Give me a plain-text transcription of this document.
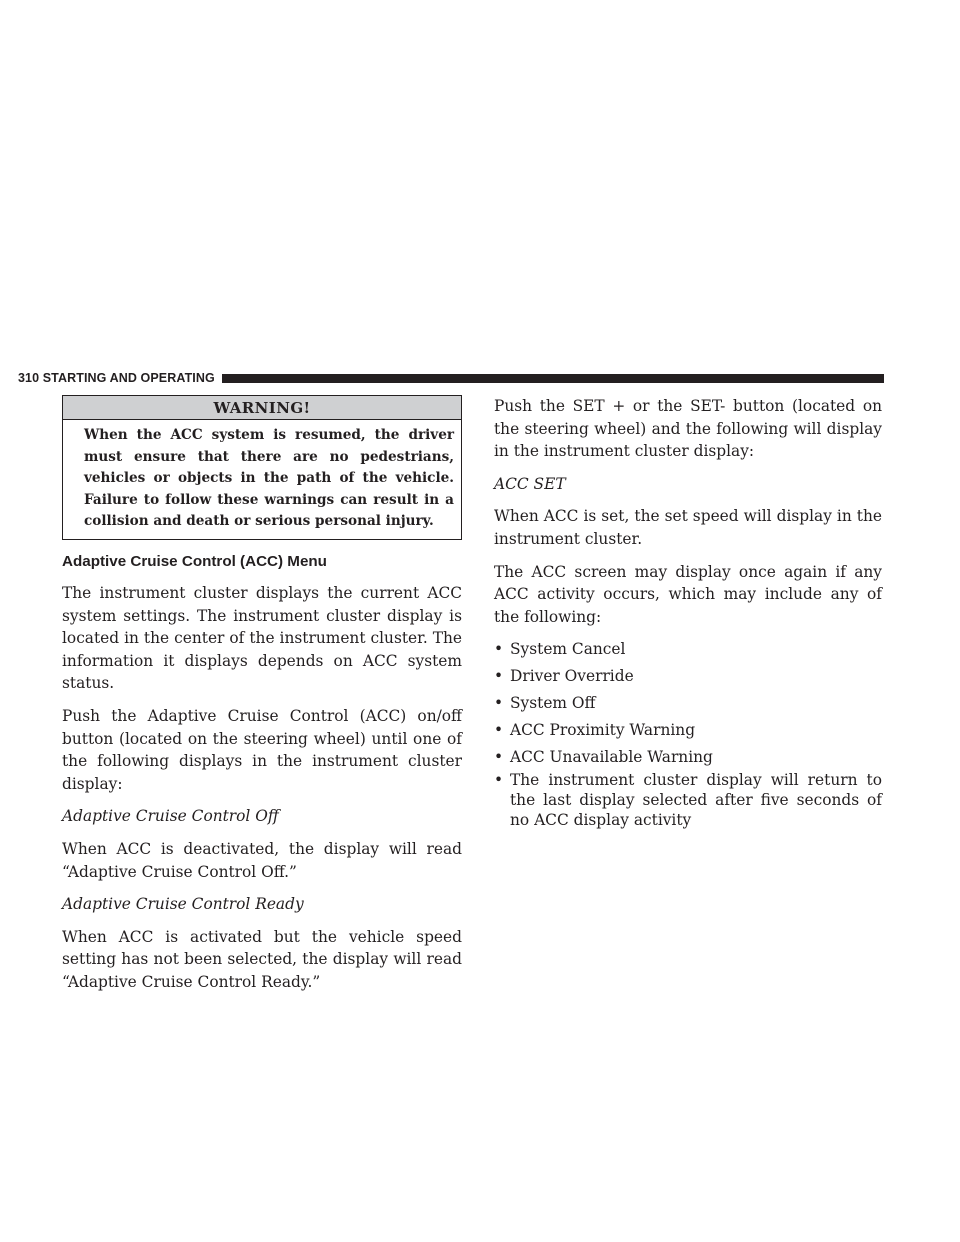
310 STARTING AND OPERATING
WARNING!
When the ACC system is resumed, the driver must ensure that there are no pedestrians, vehicles or objects in the path of the vehicle. Failure to follow these warnings can result in a collision and death or serious personal injury.
Adaptive Cruise Control (ACC) Menu

The instrument cluster displays the current ACC system settings. The instrument cluster display is located in the center of the instrument cluster. The information it displays depends on ACC system status.

Push the Adaptive Cruise Control (ACC) on/off button (located on the steering wheel) until one of the following displays in the instrument cluster display:

Adaptive Cruise Control Off

When ACC is deactivated, the display will read “Adaptive Cruise Control Off.”

Adaptive Cruise Control Ready

When ACC is activated but the vehicle speed setting has not been selected, the display will read “Adaptive Cruise Control Ready.”

Push the SET + or the SET- button (located on the steering wheel) and the following will display in the instrument cluster display:

ACC SET

When ACC is set, the set speed will display in the instrument cluster.

The ACC screen may display once again if any ACC activity occurs, which may include any of the following:

• System Cancel
• Driver Override
• System Off
• ACC Proximity Warning
• ACC Unavailable Warning
• The instrument cluster display will return to the last display selected after five seconds of no ACC display activity
